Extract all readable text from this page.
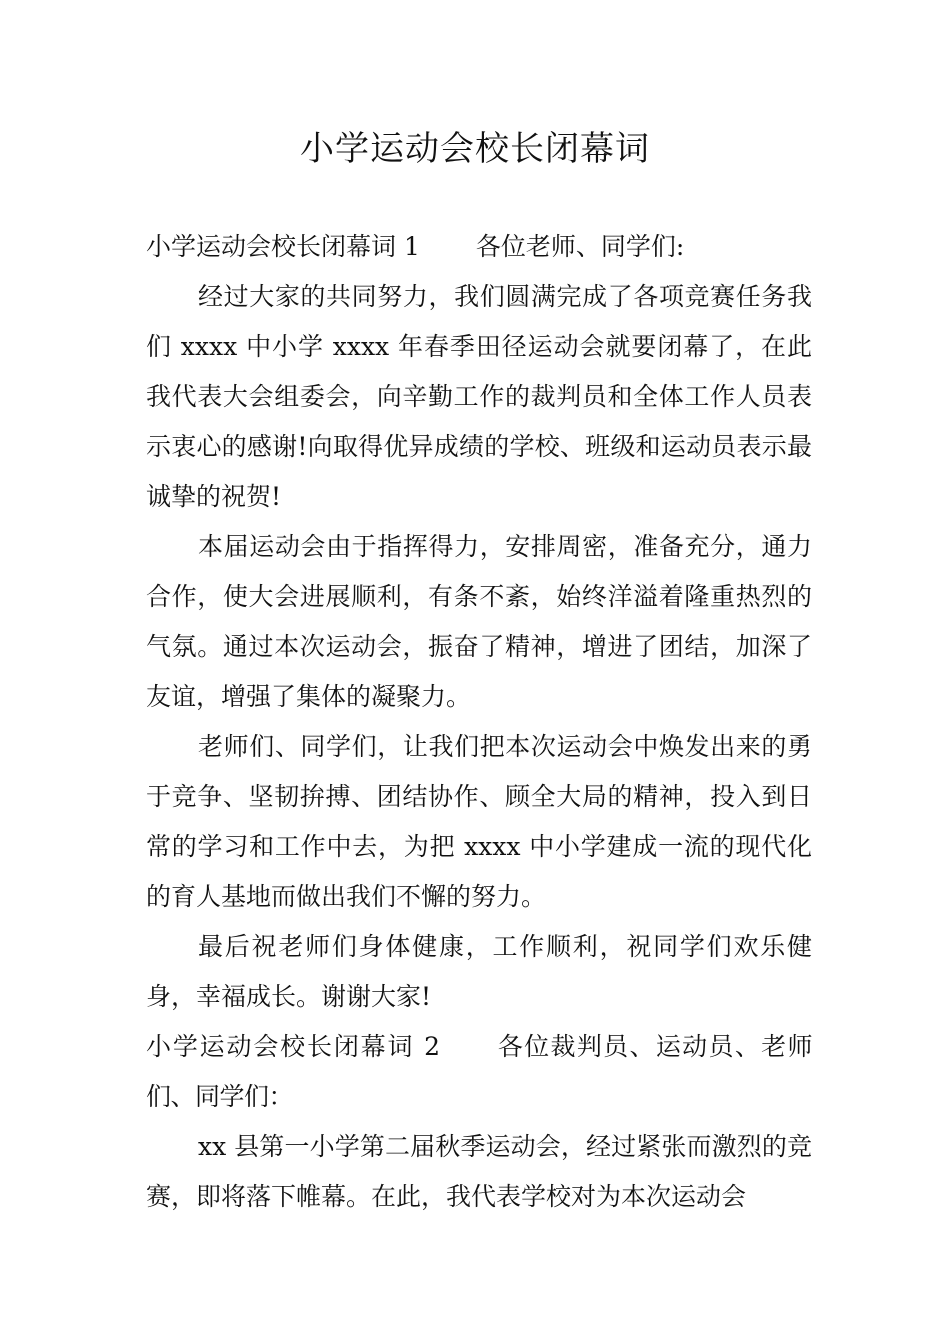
小学运动会校长闭幕词

小学运动会校长闭幕词 1 各位老师、同学们:

经过大家的共同努力，我们圆满完成了各项竞赛任务我们 xxxx 中小学 xxxx 年春季田径运动会就要闭幕了，在此我代表大会组委会，向辛勤工作的裁判员和全体工作人员表示衷心的感谢!向取得优异成绩的学校、班级和运动员表示最诚挚的祝贺!

本届运动会由于指挥得力，安排周密，准备充分，通力合作，使大会进展顺利，有条不紊，始终洋溢着隆重热烈的气氛。通过本次运动会，振奋了精神，增进了团结，加深了友谊，增强了集体的凝聚力。

老师们、同学们，让我们把本次运动会中焕发出来的勇于竞争、坚韧拚搏、团结协作、顾全大局的精神，投入到日常的学习和工作中去，为把 xxxx 中小学建成一流的现代化的育人基地而做出我们不懈的努力。

最后祝老师们身体健康，工作顺利，祝同学们欢乐健身，幸福成长。谢谢大家!

小学运动会校长闭幕词 2 各位裁判员、运动员、老师们、同学们：

xx 县第一小学第二届秋季运动会，经过紧张而激烈的竞赛，即将落下帷幕。在此，我代表学校对为本次运动会
